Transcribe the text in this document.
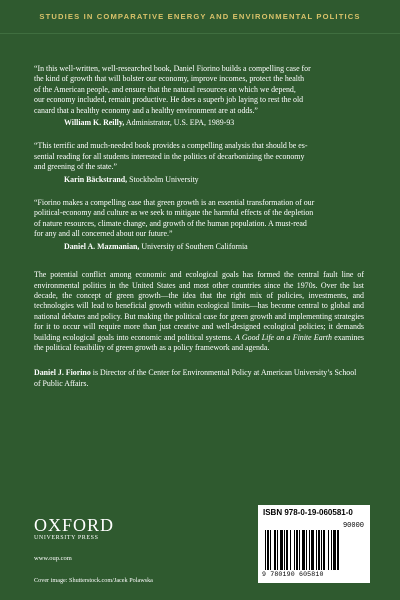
STUDIES IN COMPARATIVE ENERGY AND ENVIRONMENTAL POLITICS

“In this well-written, well-researched book, Daniel Fiorino builds a compelling case for

the kind of growth that will bolster our economy, improve incomes, protect the health

of the American people, and ensure that the natural resources on which we depend,

our economy included, remain productive. He does a superb job laying to rest the old

canard that a healthy economy and a healthy environment are at odds.”

William K. Reilly, Administrator, U.S. EPA, 1989-93

“This terrific and much-needed book provides a compelling analysis that should be es-

sential reading for all students interested in the politics of decarbonizing the economy

and greening of the state.”

Karin Bäckstrand, Stockholm University

“Fiorino makes a compelling case that green growth is an essential transformation of our

political-economy and culture as we seek to mitigate the harmful effects of the depletion

of nature resources, climate change, and growth of the human population. A must-read

for any and all concerned about our future.”

Daniel A. Mazmanian, University of Southern California

The potential conflict among economic and ecological goals has formed the central fault line of environmental politics in the United States and most other countries since the 1970s. Over the last decade, the concept of green growth—the idea that the right mix of policies, investments, and technologies will lead to beneficial growth within ecological limits—has become central to global and national debates and policy. But making the political case for green growth and implementing strategies for it to occur will require more than just creative and well-designed ecological policies; it demands building ecological goals into economic and political systems. A Good Life on a Finite Earth examines the political feasibility of green growth as a policy framework and agenda.

Daniel J. Fiorino is Director of the Center for Environmental Policy at American University’s School of Public Affairs.

OXFORD
UNIVERSITY PRESS
www.oup.com
Cover image: Shutterstock.com/Jacek Polawska
ISBN 978-0-19-060581-0
90000
9 780190 605810
